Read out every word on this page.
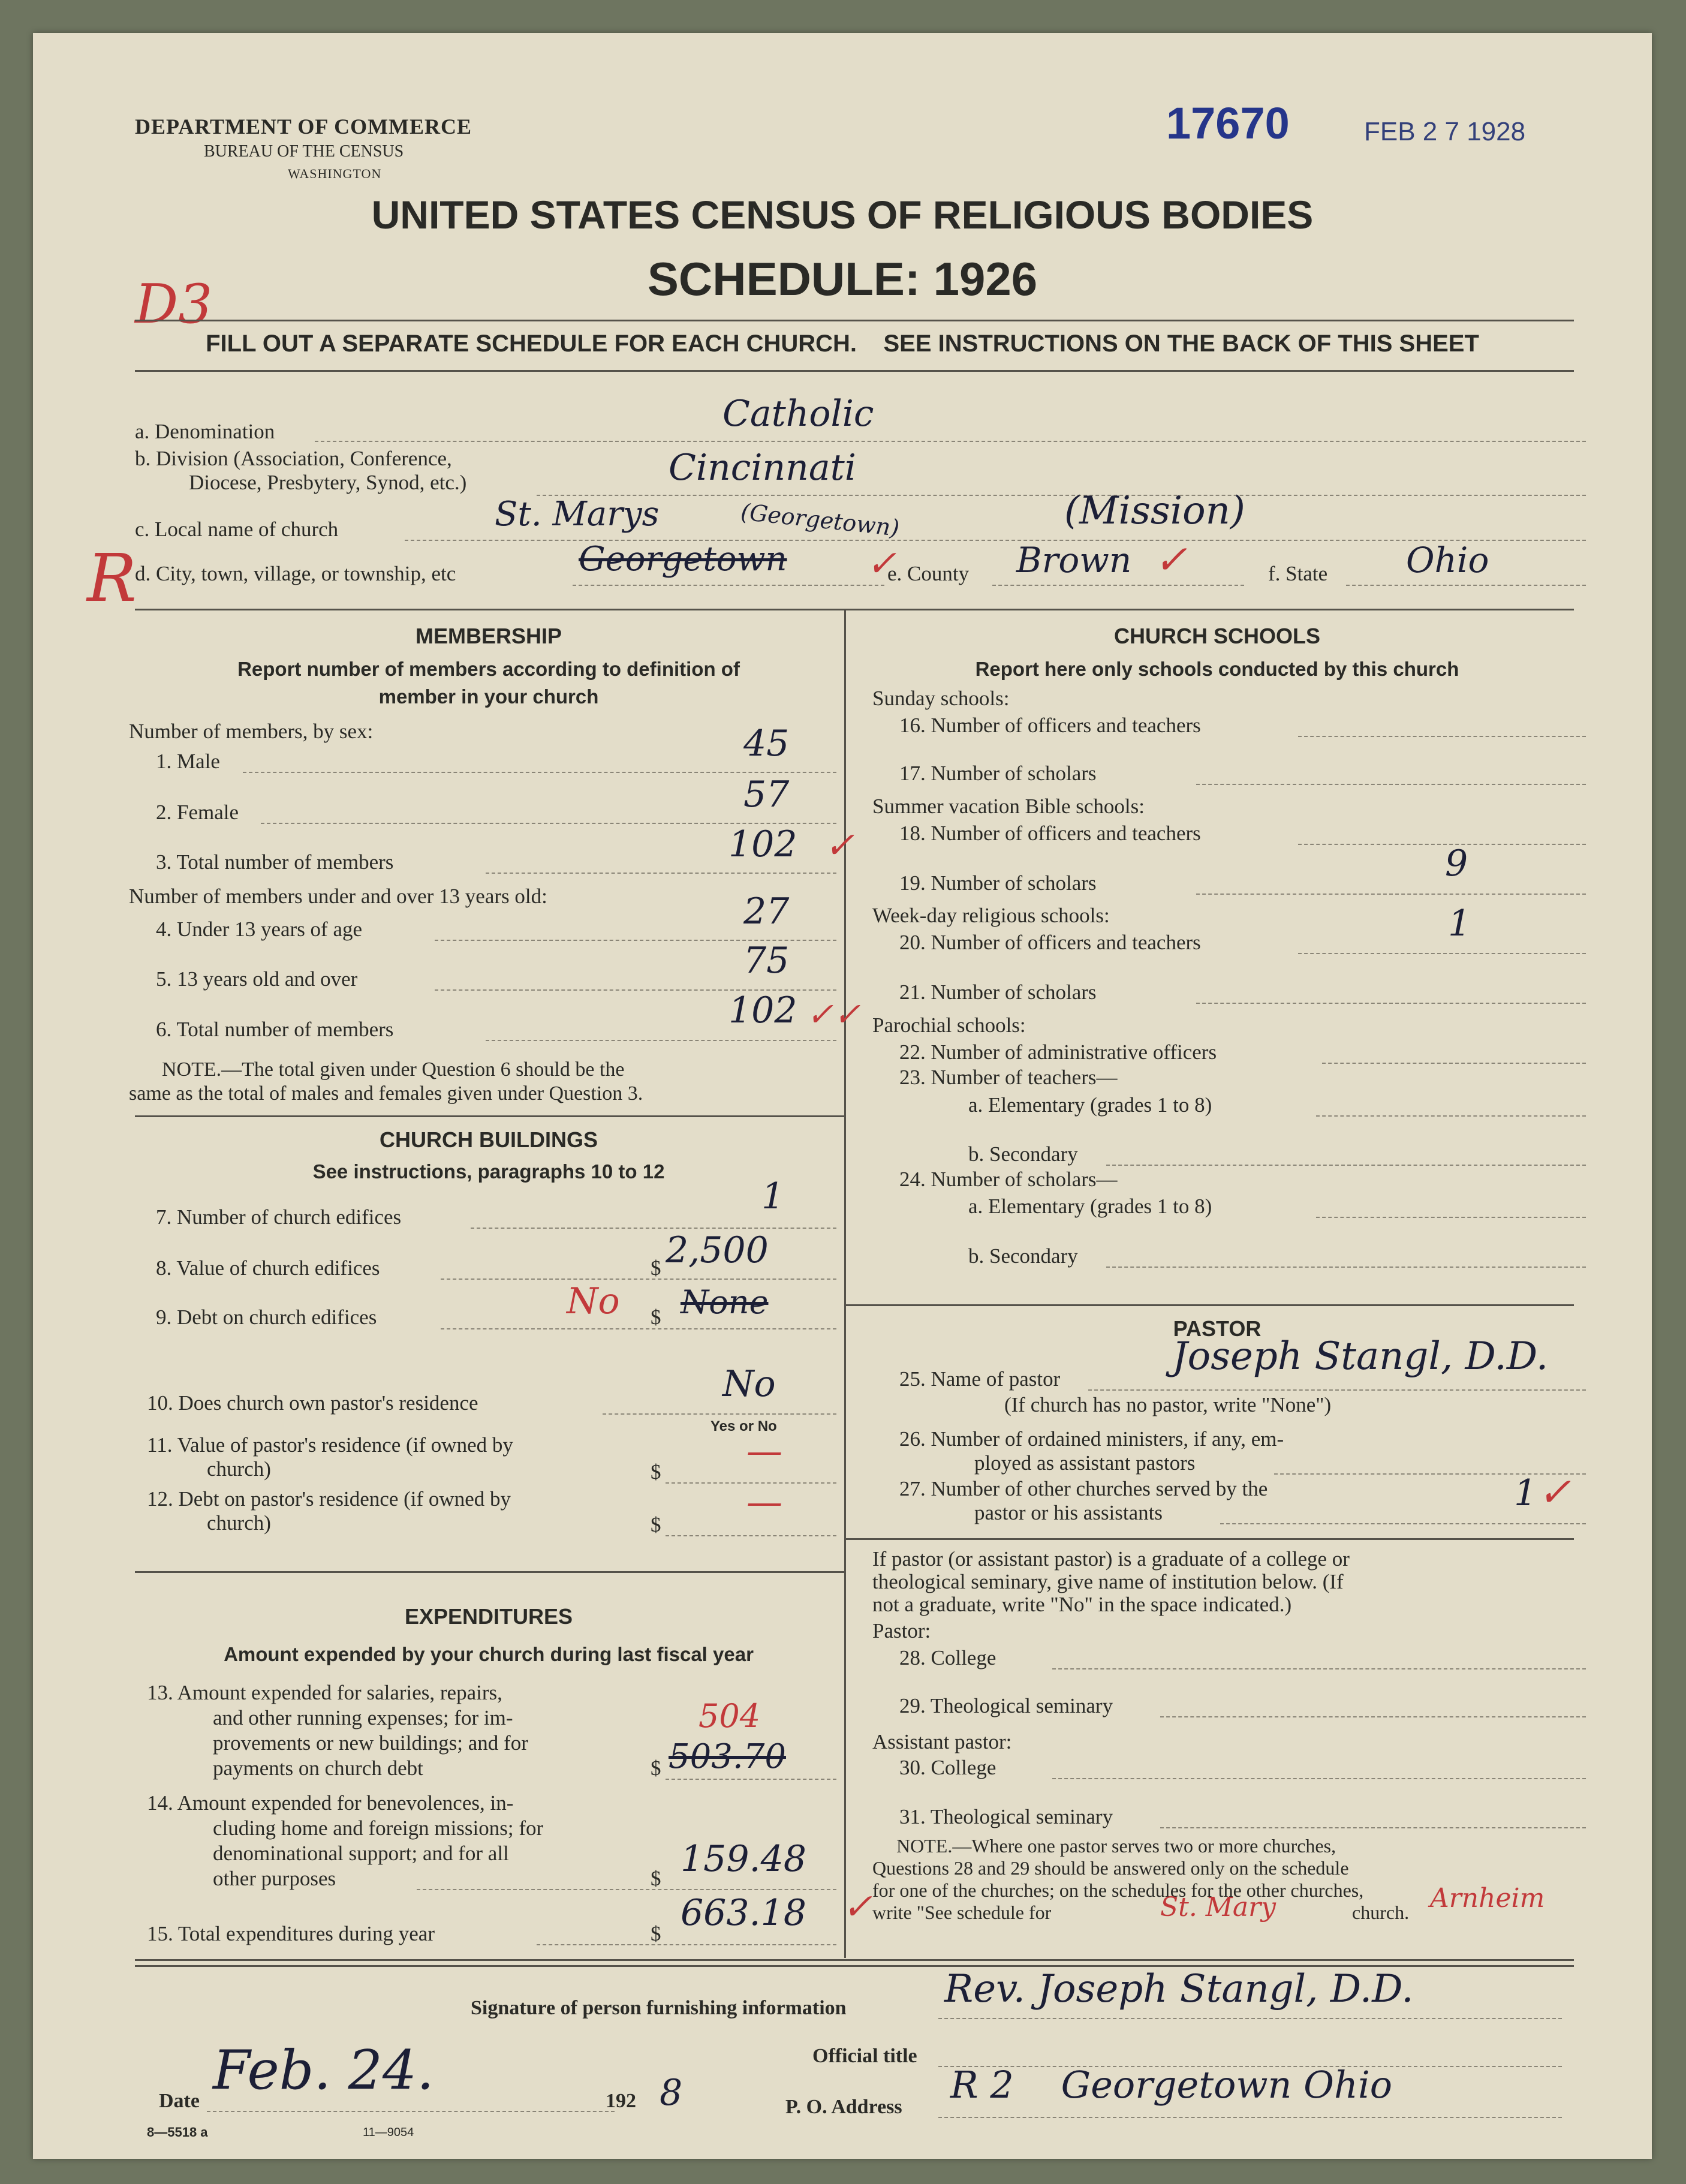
DEPARTMENT OF COMMERCE
BUREAU OF THE CENSUS
WASHINGTON
17670	FEB 2 7 1928
D3
UNITED STATES CENSUS OF RELIGIOUS BODIES
SCHEDULE: 1926
FILL OUT A SEPARATE SCHEDULE FOR EACH CHURCH.    SEE INSTRUCTIONS ON THE BACK OF THIS SHEET
R
a. Denomination	Catholic
b. Division (Association, Conference,
Diocese, Presbytery, Synod, etc.)	Cincinnati
c. Local name of church	St. Marys	(Georgetown)	(Mission)
d. City, town, village, or township, etc	Georgetown ✓
e. County Brown ✓	f. State Ohio
MEMBERSHIP
Report number of members according to definition of
member in your church
Number of members, by sex:
1. Male	45
2. Female	57
3. Total number of members	102 ✓
Number of members under and over 13 years old:
4. Under 13 years of age	27
5. 13 years old and over	75
6. Total number of members	102 ✓✓
NOTE.—The total given under Question 6 should be the
same as the total of males and females given under Question 3.
CHURCH BUILDINGS
See instructions, paragraphs 10 to 12
7. Number of church edifices	1
8. Value of church edifices	$ 2,500
9. Debt on church edifices	$
No None
10. Does church own pastor's residence	No
Yes or No
11. Value of pastor's residence (if owned by
church)	$ —
12. Debt on pastor's residence (if owned by
church)	$
—
EXPENDITURES
Amount expended by your church during last fiscal year
13. Amount expended for salaries, repairs,
and other running expenses; for im-
provements or new buildings; and for
payments on church debt	$
504
503.70
14. Amount expended for benevolences, in-
cluding home and foreign missions; for
denominational support; and for all
other purposes	$ 159.48
15. Total expenditures during year	$ 663.18 ✓
CHURCH SCHOOLS
Report here only schools conducted by this church
Sunday schools:
16. Number of officers and teachers
17. Number of scholars
Summer vacation Bible schools:
18. Number of officers and teachers
19. Number of scholars	9
Week-day religious schools:
20. Number of officers and teachers	1
21. Number of scholars
Parochial schools:
22. Number of administrative officers
23. Number of teachers—
a. Elementary (grades 1 to 8)
b. Secondary
24. Number of scholars—
a. Elementary (grades 1 to 8)
b. Secondary
PASTOR
25. Name of pastor
Joseph Stangl, D.D.
(If church has no pastor, write "None")
26. Number of ordained ministers, if any, em-
ployed as assistant pastors
27. Number of other churches served by the
pastor or his assistants	1 ✓
If pastor (or assistant pastor) is a graduate of a college or
theological seminary, give name of institution below. (If
not a graduate, write "No" in the space indicated.)
Pastor:
28. College
29. Theological seminary
Assistant pastor:
30. College
31. Theological seminary
NOTE.—Where one pastor serves two or more churches,
Questions 28 and 29 should be answered only on the schedule
for one of the churches; on the schedules for the other churches,
write "See schedule for	St. Mary	church. Arnheim
Signature of person furnishing information	Rev. Joseph Stangl, D.D.
Official title
Date Feb. 24.	192 8
8—5518 a	11—9054
P. O. Address
R 2    Georgetown Ohio
